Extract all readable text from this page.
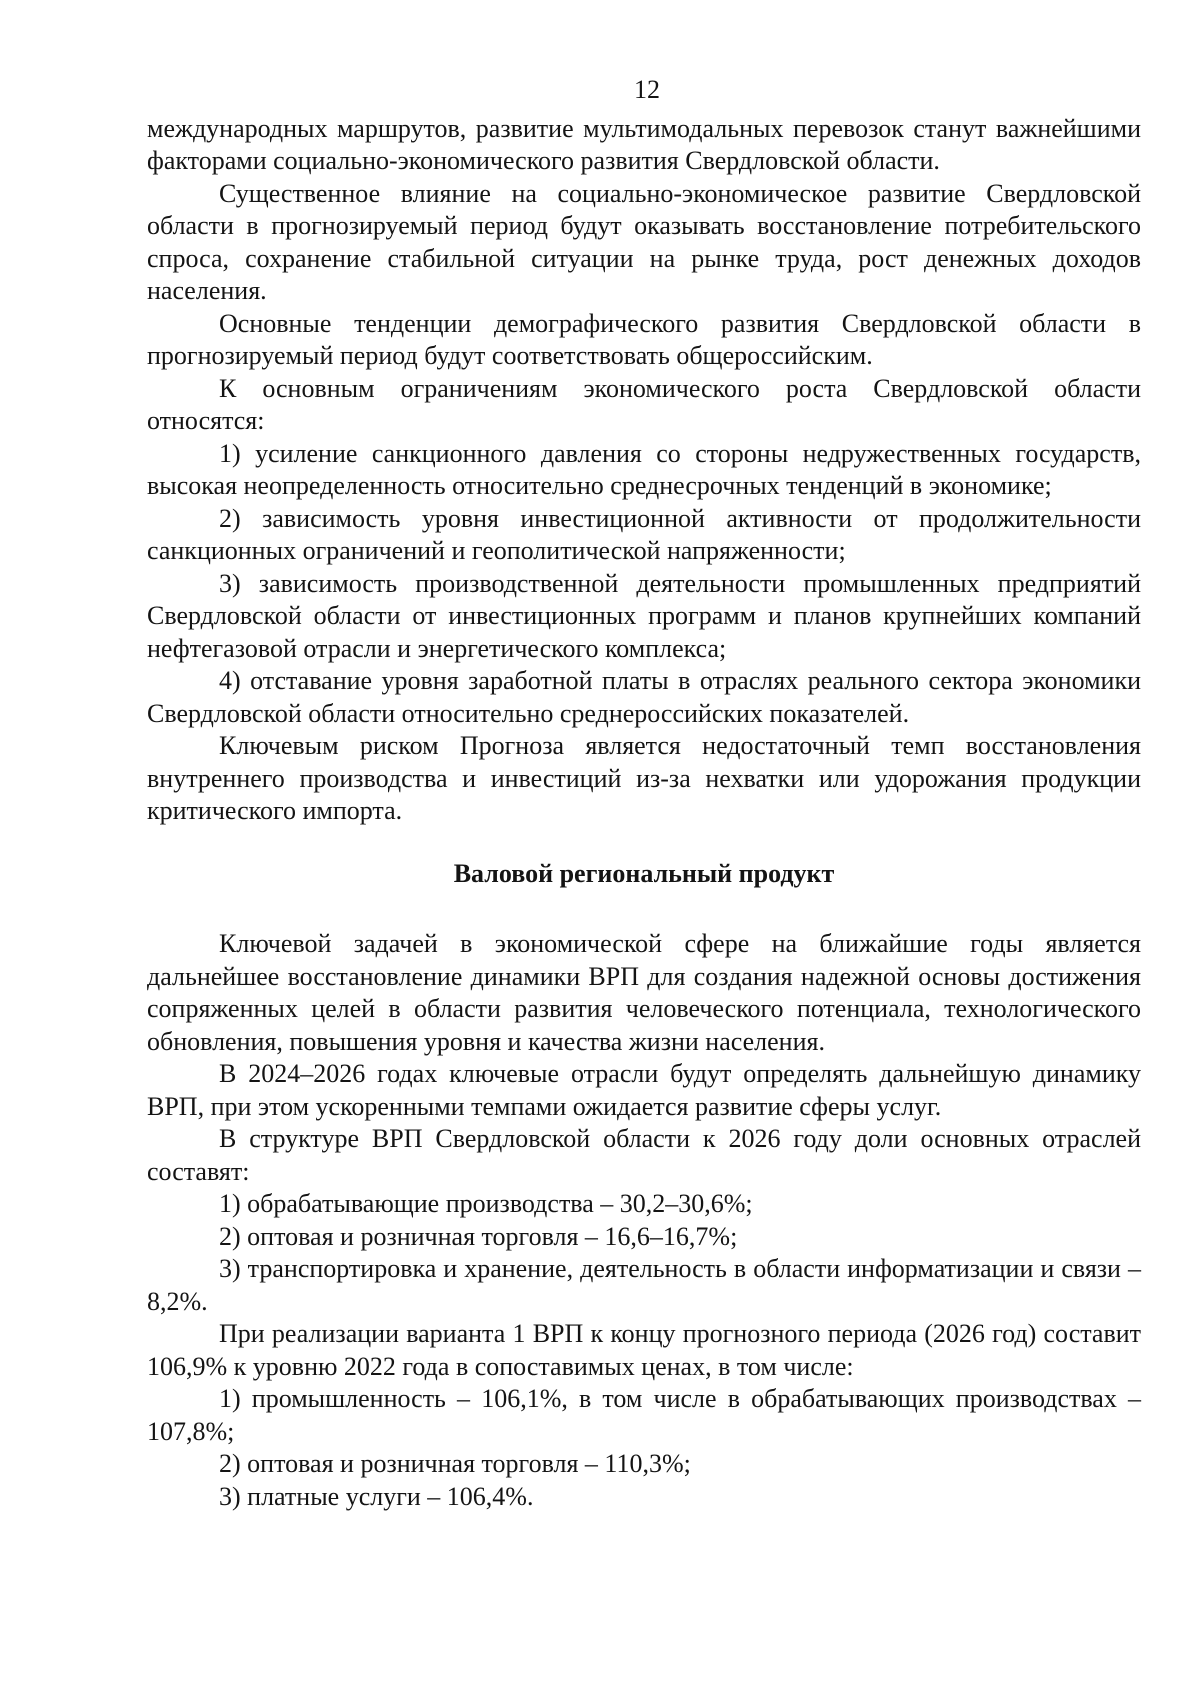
12

международных маршрутов, развитие мультимодальных перевозок станут важнейшими факторами социально-экономического развития Свердловской области.

Существенное влияние на социально-экономическое развитие Свердловской области в прогнозируемый период будут оказывать восстановление потребительского спроса, сохранение стабильной ситуации на рынке труда, рост денежных доходов населения.

Основные тенденции демографического развития Свердловской области в прогнозируемый период будут соответствовать общероссийским.

К основным ограничениям экономического роста Свердловской области относятся:

1) усиление санкционного давления со стороны недружественных государств, высокая неопределенность относительно среднесрочных тенденций в экономике;

2) зависимость уровня инвестиционной активности от продолжительности санкционных ограничений и геополитической напряженности;

3) зависимость производственной деятельности промышленных предприятий Свердловской области от инвестиционных программ и планов крупнейших компаний нефтегазовой отрасли и энергетического комплекса;

4) отставание уровня заработной платы в отраслях реального сектора экономики Свердловской области относительно среднероссийских показателей.

Ключевым риском Прогноза является недостаточный темп восстановления внутреннего производства и инвестиций из-за нехватки или удорожания продукции критического импорта.

Валовой региональный продукт

Ключевой задачей в экономической сфере на ближайшие годы является дальнейшее восстановление динамики ВРП для создания надежной основы достижения сопряженных целей в области развития человеческого потенциала, технологического обновления, повышения уровня и качества жизни населения.

В 2024–2026 годах ключевые отрасли будут определять дальнейшую динамику ВРП, при этом ускоренными темпами ожидается развитие сферы услуг.

В структуре ВРП Свердловской области к 2026 году доли основных отраслей составят:

1) обрабатывающие производства – 30,2–30,6%;

2) оптовая и розничная торговля – 16,6–16,7%;

3) транспортировка и хранение, деятельность в области информатизации и связи – 8,2%.

При реализации варианта 1 ВРП к концу прогнозного периода (2026 год) составит 106,9% к уровню 2022 года в сопоставимых ценах, в том числе:

1) промышленность – 106,1%, в том числе в обрабатывающих производствах – 107,8%;

2) оптовая и розничная торговля – 110,3%;

3) платные услуги – 106,4%.
